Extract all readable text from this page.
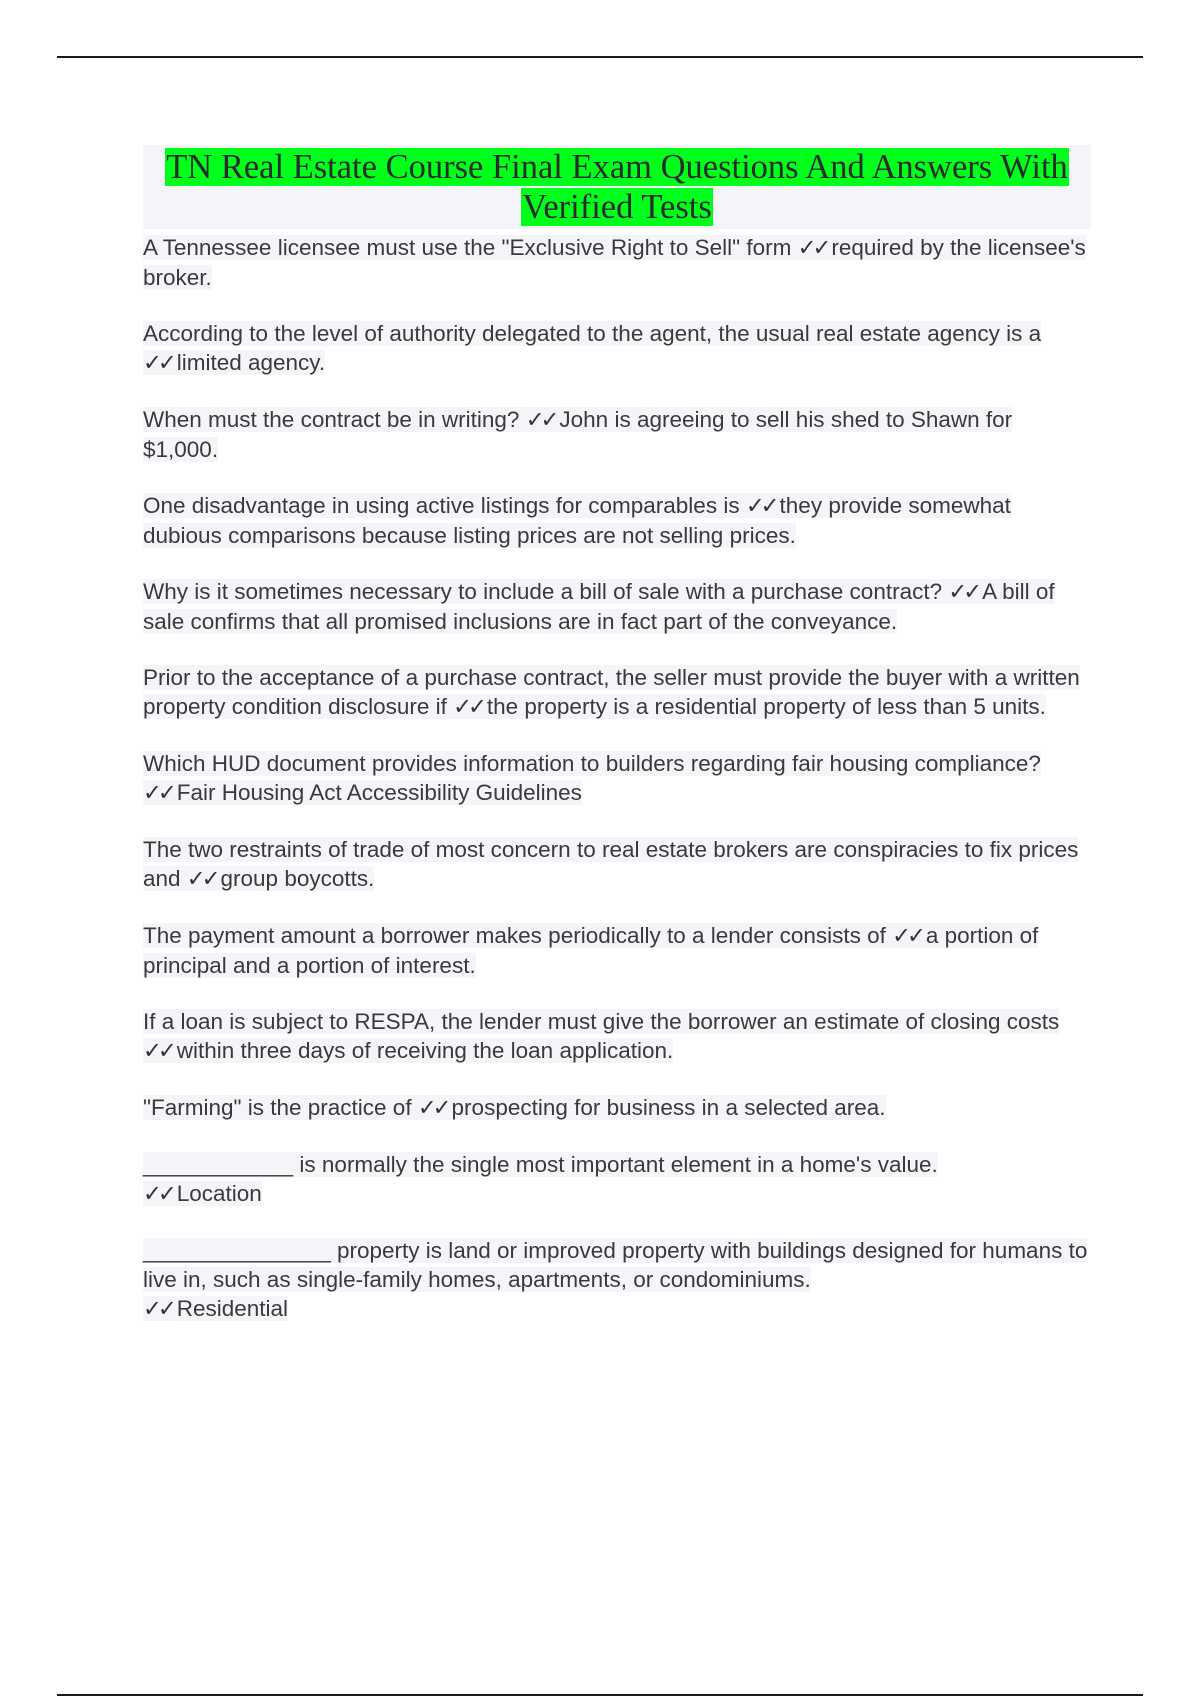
TN Real Estate Course Final Exam Questions And Answers With Verified Tests
A Tennessee licensee must use the "Exclusive Right to Sell" form ✓✓ required by the licensee's broker.
According to the level of authority delegated to the agent, the usual real estate agency is a ✓✓ limited agency.
When must the contract be in writing? ✓✓ John is agreeing to sell his shed to Shawn for $1,000.
One disadvantage in using active listings for comparables is ✓✓ they provide somewhat dubious comparisons because listing prices are not selling prices.
Why is it sometimes necessary to include a bill of sale with a purchase contract? ✓✓ A bill of sale confirms that all promised inclusions are in fact part of the conveyance.
Prior to the acceptance of a purchase contract, the seller must provide the buyer with a written property condition disclosure if ✓✓ the property is a residential property of less than 5 units.
Which HUD document provides information to builders regarding fair housing compliance? ✓✓ Fair Housing Act Accessibility Guidelines
The two restraints of trade of most concern to real estate brokers are conspiracies to fix prices and ✓✓ group boycotts.
The payment amount a borrower makes periodically to a lender consists of ✓✓ a portion of principal and a portion of interest.
If a loan is subject to RESPA, the lender must give the borrower an estimate of closing costs ✓✓ within three days of receiving the loan application.
"Farming" is the practice of ✓✓ prospecting for business in a selected area.
____________ is normally the single most important element in a home's value.
✓✓ Location
_______________ property is land or improved property with buildings designed for humans to live in, such as single-family homes, apartments, or condominiums.
✓✓ Residential
